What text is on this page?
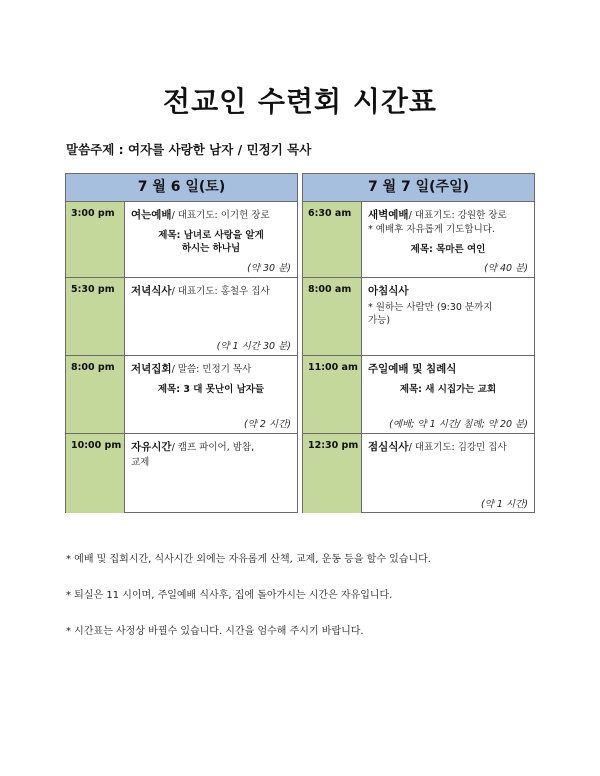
전교인 수련회 시간표
말씀주제 : 여자를 사랑한 남자 / 민정기 목사
7 월 6 일(토)
3:00 pm	여는예배/ 대표기도: 이기헌 장로
제목: 남녀로 사랑을 알게
하시는 하나님
(약 30 분)
5:30 pm	저녁식사/ 대표기도: 홍철우 집사
(약 1 시간 30 분)
8:00 pm	저녁집회/ 말씀: 민정기 목사
제목: 3 대 못난이 남자들
(약 2 시간)
10:00 pm 자유시간/ 캠프 파이어, 밤참,
교제
7 월 7 일(주일)
6:30 am	새벽예배/ 대표기도: 강원한 장로
* 예배후 자유롭게 기도합니다.
제목: 목마른 여인
(약 40 분)
8:00 am	아침식사
* 원하는 사람만 (9:30 분까지
가능)
11:00 am 주일예배 및 침례식
제목: 새 시집가는 교회
(예배; 약 1 시간/ 침례; 약 20 분)
12:30 pm 점심식사/ 대표기도: 김강민 집사
(약 1 시간)
* 예배 및 집회시간, 식사시간 외에는 자유롭게 산책, 교제, 운동 등을 할수 있습니다.
* 퇴실은 11 시이며, 주일예배 식사후, 집에 돌아가시는 시간은 자유입니다.
* 시간표는 사정상 바뀔수 있습니다. 시간을 엄수해 주시기 바랍니다.
